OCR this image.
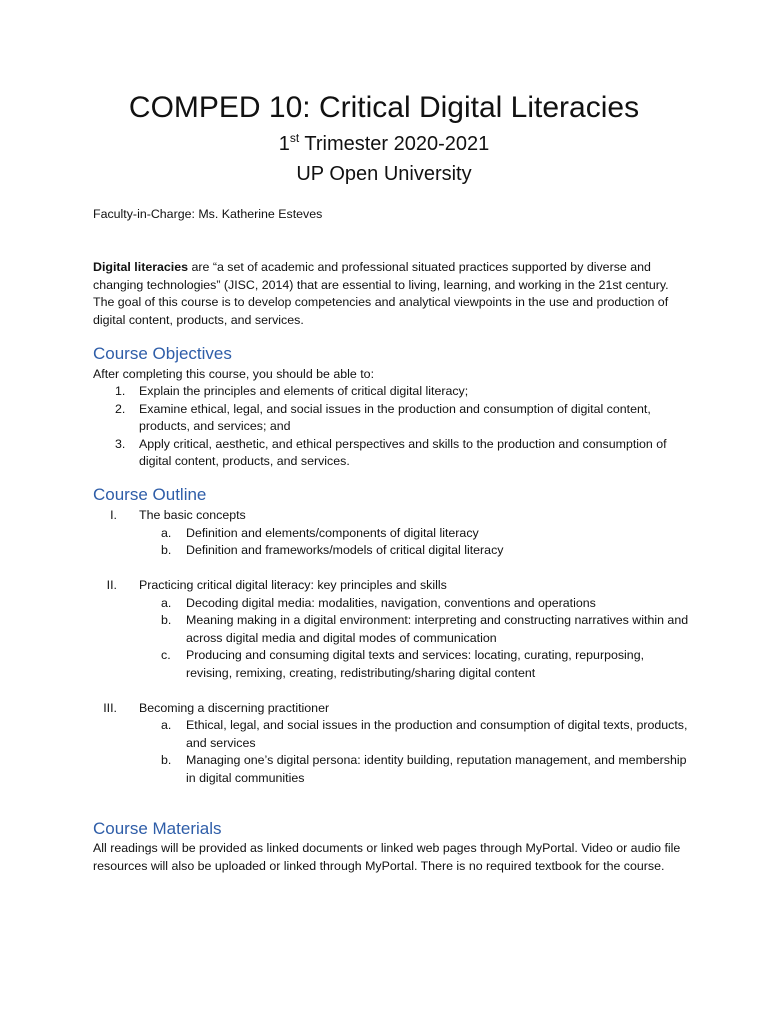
COMPED 10: Critical Digital Literacies
1st Trimester 2020-2021
UP Open University
Faculty-in-Charge: Ms. Katherine Esteves
Digital literacies are “a set of academic and professional situated practices supported by diverse and changing technologies” (JISC, 2014) that are essential to living, learning, and working in the 21st century. The goal of this course is to develop competencies and analytical viewpoints in the use and production of digital content, products, and services.
Course Objectives
After completing this course, you should be able to:
1. Explain the principles and elements of critical digital literacy;
2. Examine ethical, legal, and social issues in the production and consumption of digital content, products, and services; and
3. Apply critical, aesthetic, and ethical perspectives and skills to the production and consumption of digital content, products, and services.
Course Outline
I. The basic concepts
a. Definition and elements/components of digital literacy
b. Definition and frameworks/models of critical digital literacy
II. Practicing critical digital literacy: key principles and skills
a. Decoding digital media: modalities, navigation, conventions and operations
b. Meaning making in a digital environment: interpreting and constructing narratives within and across digital media and digital modes of communication
c. Producing and consuming digital texts and services: locating, curating, repurposing, revising, remixing, creating, redistributing/sharing digital content
III. Becoming a discerning practitioner
a. Ethical, legal, and social issues in the production and consumption of digital texts, products, and services
b. Managing one’s digital persona: identity building, reputation management, and membership in digital communities
Course Materials
All readings will be provided as linked documents or linked web pages through MyPortal. Video or audio file resources will also be uploaded or linked through MyPortal. There is no required textbook for the course.
